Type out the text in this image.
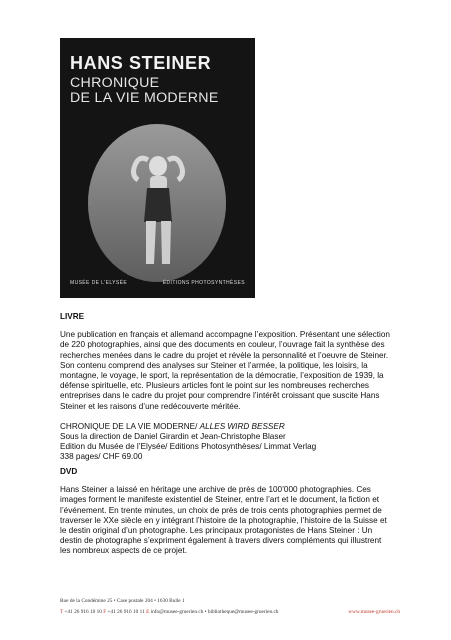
HANS STEINER
CHRONIQUE
DE LA VIE MODERNE
MUSÉE DE L'ELYSÉE	ÉDITIONS PHOTOSYNTHÈSES
LIVRE
Une publication en français et allemand accompagne l’exposition. Présentant une sélection
de 220 photographies, ainsi que des documents en couleur, l’ouvrage fait la synthèse des
recherches menées dans le cadre du projet et révèle la personnalité et l’oeuvre de Steiner.
Son contenu comprend des analyses sur Steiner et l’armée, la politique, les loisirs, la
montagne, le voyage, le sport, la représentation de la démocratie, l’exposition de 1939, la
défense spirituelle, etc. Plusieurs articles font le point sur les nombreuses recherches
entreprises dans le cadre du projet pour comprendre l’intérêt croissant que suscite Hans
Steiner et les raisons d’une redécouverte méritée.
CHRONIQUE DE LA VIE MODERNE/ ALLES WIRD BESSER
Sous la direction de Daniel Girardin et Jean-Christophe Blaser
Edition du Musée de l’Elysée/ Editions Photosynthèses/ Limmat Verlag
338 pages/ CHF 69.00
DVD
Hans Steiner a laissé en héritage une archive de près de 100’000 photographies. Ces
images forment le manifeste existentiel de Steiner, entre l’art et le document, la fiction et
l’événement. En trente minutes, un choix de près de trois cents photographies permet de
traverser le XXe siècle en y intégrant l’histoire de la photographie, l’histoire de la Suisse et
le destin original d’un photographe. Les principaux protagonistes de Hans Steiner : Un
destin de photographe s’expriment également à travers divers compléments qui illustrent
les nombreux aspects de ce projet.
Rue de la Condémine 25 • Case postale 204 • 1630 Bulle 1
T +41 26 916 10 10 F +41 26 916 10 11 E info@musee-gruerien.ch • bibliotheque@musee-gruerien.ch	www.musee-gruerien.ch
